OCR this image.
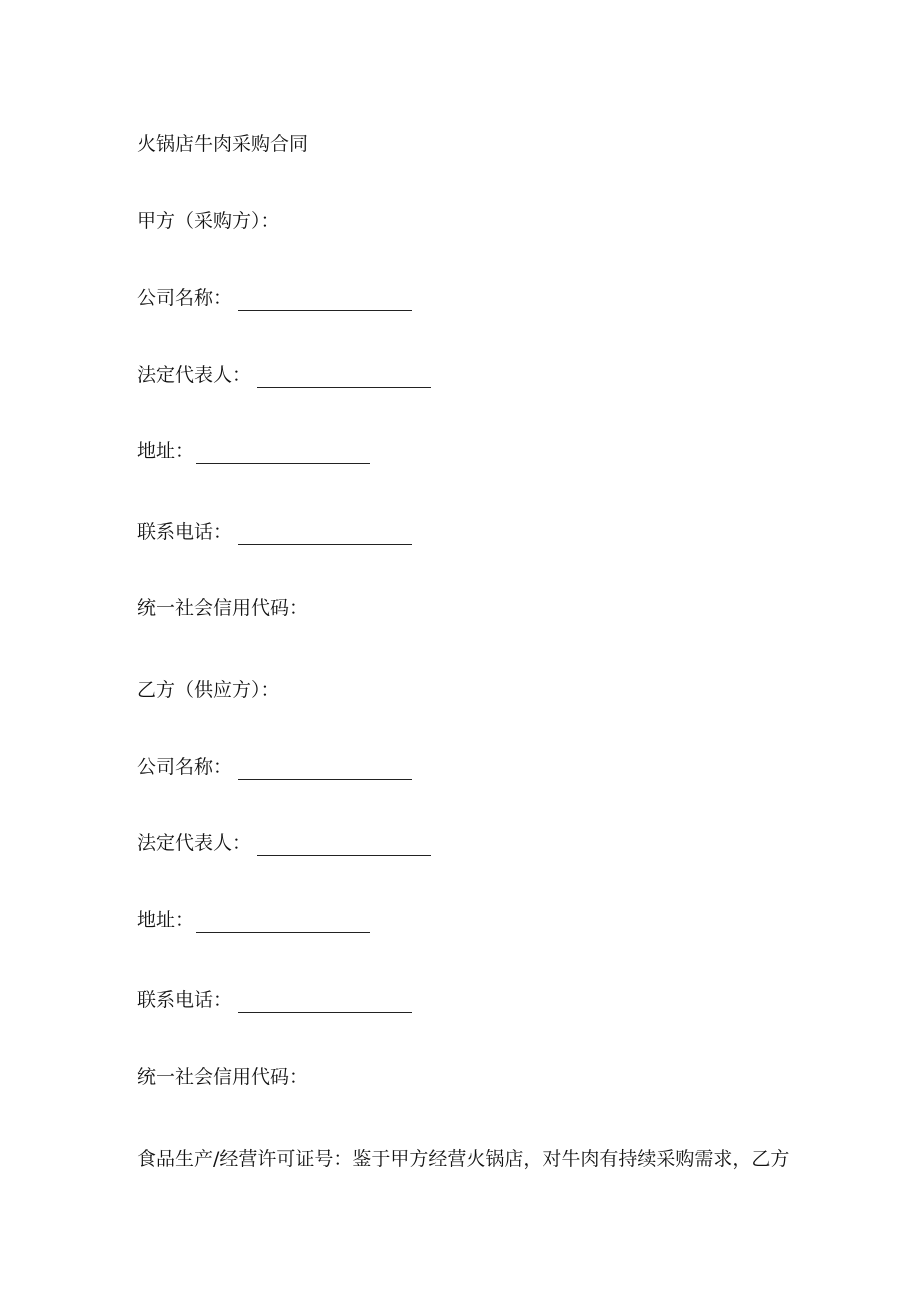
火锅店牛肉采购合同
甲方（采购方）：
公司名称：
法定代表人：
地址：
联系电话：
统一社会信用代码：
乙方（供应方）：
公司名称：
法定代表人：
地址：
联系电话：
统一社会信用代码：
食品生产/经营许可证号：鉴于甲方经营火锅店，对牛肉有持续采购需求，乙方
